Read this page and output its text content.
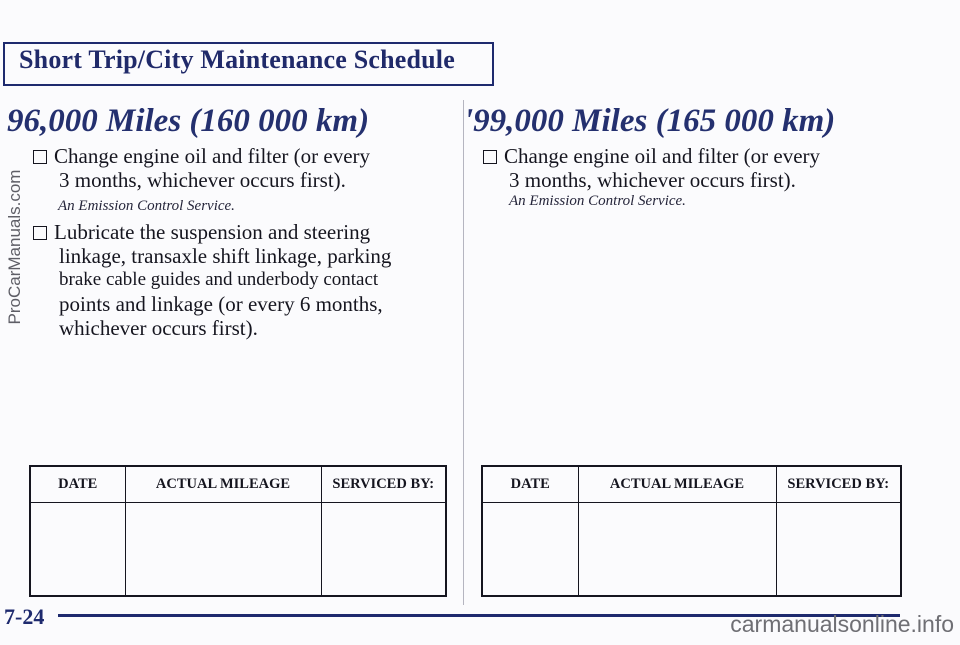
Short Trip/City Maintenance Schedule
96,000 Miles (160 000 km)
Change engine oil and filter (or every
3 months, whichever occurs first).
An Emission Control Service.
Lubricate the suspension and steering
linkage, transaxle shift linkage, parking
brake cable guides and underbody contact
points and linkage (or every 6 months,
whichever occurs first).
DATE	ACTUAL MILEAGE	SERVICED BY:

ʹ99,000 Miles (165 000 km)
Change engine oil and filter (or every
3 months, whichever occurs first).
An Emission Control Service.
DATE	ACTUAL MILEAGE	SERVICED BY:

7-24
ProCarManuals.com
carmanualsonline.info
